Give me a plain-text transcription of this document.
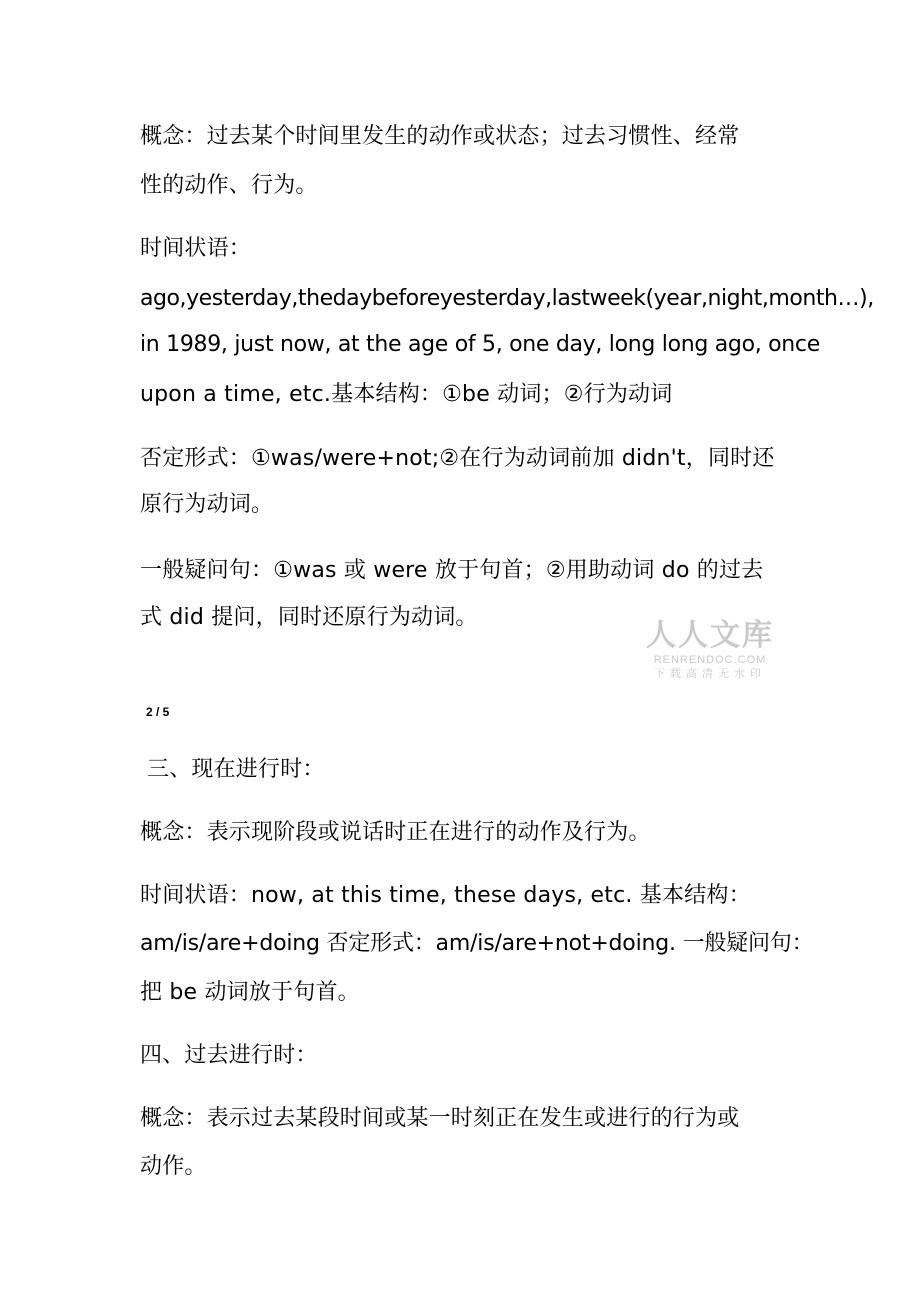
概念：过去某个时间里发生的动作或状态；过去习惯性、经常
性的动作、行为。
时间状语：
ago,yesterday,thedaybeforeyesterday,lastweek(year,night,month…),
in 1989, just now, at the age of 5, one day, long long ago, once
upon a time, etc.基本结构：①be 动词；②行为动词
否定形式：①was/were+not;②在行为动词前加 didn't，同时还
原行为动词。
一般疑问句：①was 或 were 放于句首；②用助动词 do 的过去
式 did 提问，同时还原行为动词。
人人文库
RENRENDOC.COM
下载高清无水印
2 / 5
三、现在进行时：
概念：表示现阶段或说话时正在进行的动作及行为。
时间状语：now, at this time, these days, etc. 基本结构：
am/is/are+doing 否定形式：am/is/are+not+doing. 一般疑问句：
把 be 动词放于句首。
四、过去进行时：
概念：表示过去某段时间或某一时刻正在发生或进行的行为或
动作。
